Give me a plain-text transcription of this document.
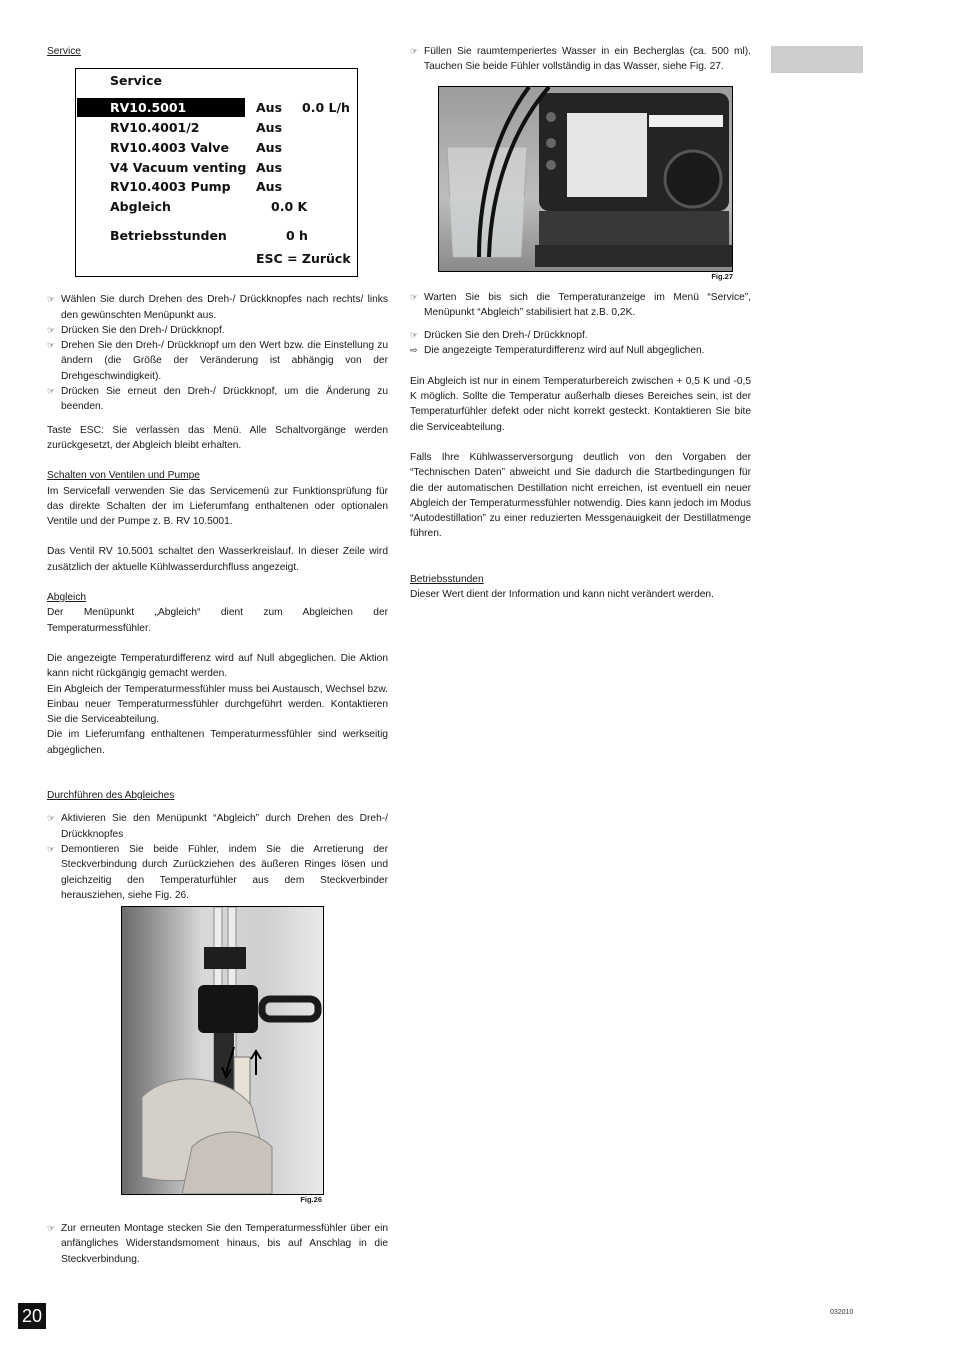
Service
Service
RV10.5001	Aus 0.0 L/h
RV10.4001/2	Aus
RV10.4003 Valve Aus
V4 Vacuum venting Aus
RV10.4003 Pump Aus
Abgleich	0.0 K
Betriebsstunden	0 h
ESC = Zurück
☞ Wählen Sie durch Drehen des Dreh-/ Drückknopfes nach rechts/ links den gewünschten Menüpunkt aus.
☞ Drücken Sie den Dreh-/ Drückknopf.
☞ Drehen Sie den Dreh-/ Drückknopf um den Wert bzw. die Einstellung zu ändern (die Größe der Veränderung ist abhängig von der Drehgeschwindigkeit).
☞ Drücken Sie erneut den Dreh-/ Drückknopf, um die Änderung zu beenden.

Taste ESC: Sie verlassen das Menü. Alle Schaltvorgänge werden zurückgesetzt, der Abgleich bleibt erhalten.

Schalten von Ventilen und Pumpe

Im Servicefall verwenden Sie das Servicemenü zur Funktionsprüfung für das direkte Schalten der im Lieferumfang enthaltenen oder optionalen Ventile und der Pumpe z. B. RV 10.5001.

Das Ventil RV 10.5001 schaltet den Wasserkreislauf. In dieser Zeile wird zusätzlich der aktuelle Kühlwasserdurchfluss angezeigt.

Abgleich

Der Menüpunkt „Abgleich“ dient zum Abgleichen der Temperaturmessfühler.

Die angezeigte Temperaturdifferenz wird auf Null abgeglichen. Die Aktion kann nicht rückgängig gemacht werden.

Ein Abgleich der Temperaturmessfühler muss bei Austausch, Wechsel bzw. Einbau neuer Temperaturmessfühler durchgeführt werden. Kontaktieren Sie die Serviceabteilung.

Die im Lieferumfang enthaltenen Temperaturmessfühler sind werkseitig abgeglichen.

Durchführen des Abgleiches
☞ Aktivieren Sie den Menüpunkt “Abgleich” durch Drehen des Dreh-/ Drückknopfes
☞ Demontieren Sie beide Fühler, indem Sie die Arretierung der Steckverbindung durch Zurückziehen des äußeren Ringes lösen und gleichzeitig den Temperaturfühler aus dem Steckverbinder herausziehen, siehe Fig. 26.
Fig.26
☞ Zur erneuten Montage stecken Sie den Temperaturmessfühler über ein anfängliches Widerstandsmoment hinaus, bis auf Anschlag in die Steckverbindung.
☞ Füllen Sie raumtemperiertes Wasser in ein Becherglas (ca. 500 ml). Tauchen Sie beide Fühler vollständig in das Wasser, siehe Fig. 27.
Fig.27
☞ Warten Sie bis sich die Temperaturanzeige im Menü “Service”, Menüpunkt “Abgleich” stabilisiert hat z.B. 0,2K.
☞ Drücken Sie den Dreh-/ Drückknopf.
⇨ Die angezeigte Temperaturdifferenz wird auf Null abgeglichen.

Ein Abgleich ist nur in einem Temperaturbereich zwischen + 0,5 K und -0,5 K möglich. Sollte die Temperatur außerhalb dieses Bereiches sein, ist der Temperaturfühler defekt oder nicht korrekt gesteckt. Kontaktieren Sie bite die Serviceabteilung.

Falls Ihre Kühlwasserversorgung deutlich von den Vorgaben der “Technischen Daten” abweicht und Sie dadurch die Startbedingungen für die der automatischen Destillation nicht erreichen, ist eventuell ein neuer Abgleich der Temperaturmessfühler notwendig. Dies kann jedoch im Modus “Autodestillation” zu einer reduzierten Messgenauigkeit der Destillatmenge führen.

Betriebsstunden

Dieser Wert dient der Information und kann nicht verändert werden.

20	032010
